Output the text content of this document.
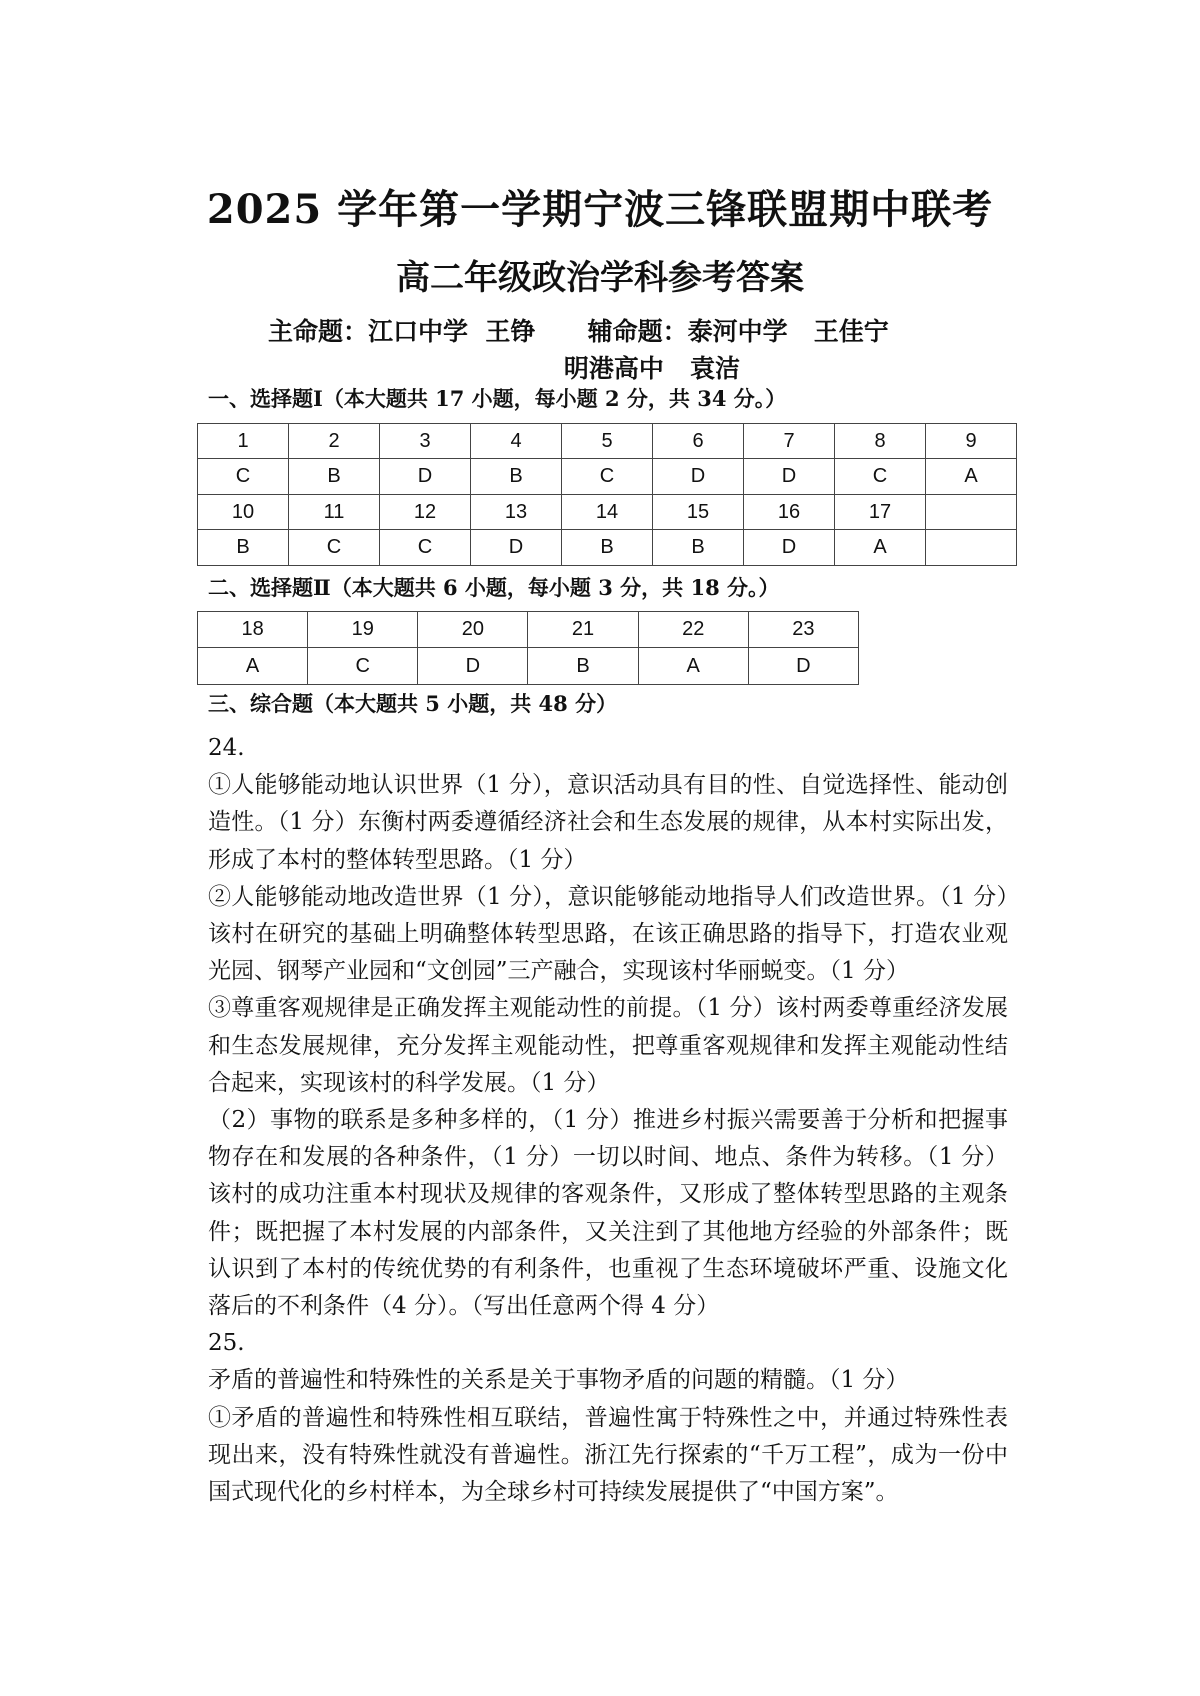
2025 学年第一学期宁波三锋联盟期中联考
高二年级政治学科参考答案
主命题：江口中学  王铮      辅命题：泰河中学   王佳宁
明港高中   袁洁
一、选择题Ⅰ（本大题共 17 小题，每小题 2 分，共 34 分。）
1	2	3	4	5	6	7	8	9
C	B	D	B	C	D	D	C	A
10	11	12	13	14	15	16	17	
B	C	C	D	B	B	D	A	
二、选择题Ⅱ（本大题共 6 小题，每小题 3 分，共 18 分。）
18	19	20	21	22	23
A	C	D	B	A	D
三、综合题（本大题共 5 小题，共 48 分）

24.

①人能够能动地认识世界（1 分），意识活动具有目的性、自觉选择性、能动创造性。（1 分）东衡村两委遵循经济社会和生态发展的规律，从本村实际出发，形成了本村的整体转型思路。（1 分）

②人能够能动地改造世界（1 分），意识能够能动地指导人们改造世界。（1 分）该村在研究的基础上明确整体转型思路，在该正确思路的指导下，打造农业观光园、钢琴产业园和“文创园”三产融合，实现该村华丽蜕变。（1 分）

③尊重客观规律是正确发挥主观能动性的前提。（1 分）该村两委尊重经济发展和生态发展规律，充分发挥主观能动性，把尊重客观规律和发挥主观能动性结合起来，实现该村的科学发展。（1 分）

（2）事物的联系是多种多样的，（1 分）推进乡村振兴需要善于分析和把握事物存在和发展的各种条件，（1 分）一切以时间、地点、条件为转移。（1 分）该村的成功注重本村现状及规律的客观条件，又形成了整体转型思路的主观条件；既把握了本村发展的内部条件，又关注到了其他地方经验的外部条件；既认识到了本村的传统优势的有利条件，也重视了生态环境破坏严重、设施文化落后的不利条件（4 分）。（写出任意两个得 4 分）

25.

矛盾的普遍性和特殊性的关系是关于事物矛盾的问题的精髓。（1 分）

①矛盾的普遍性和特殊性相互联结，普遍性寓于特殊性之中，并通过特殊性表现出来，没有特殊性就没有普遍性。浙江先行探索的“千万工程”，成为一份中国式现代化的乡村样本，为全球乡村可持续发展提供了“中国方案”。
